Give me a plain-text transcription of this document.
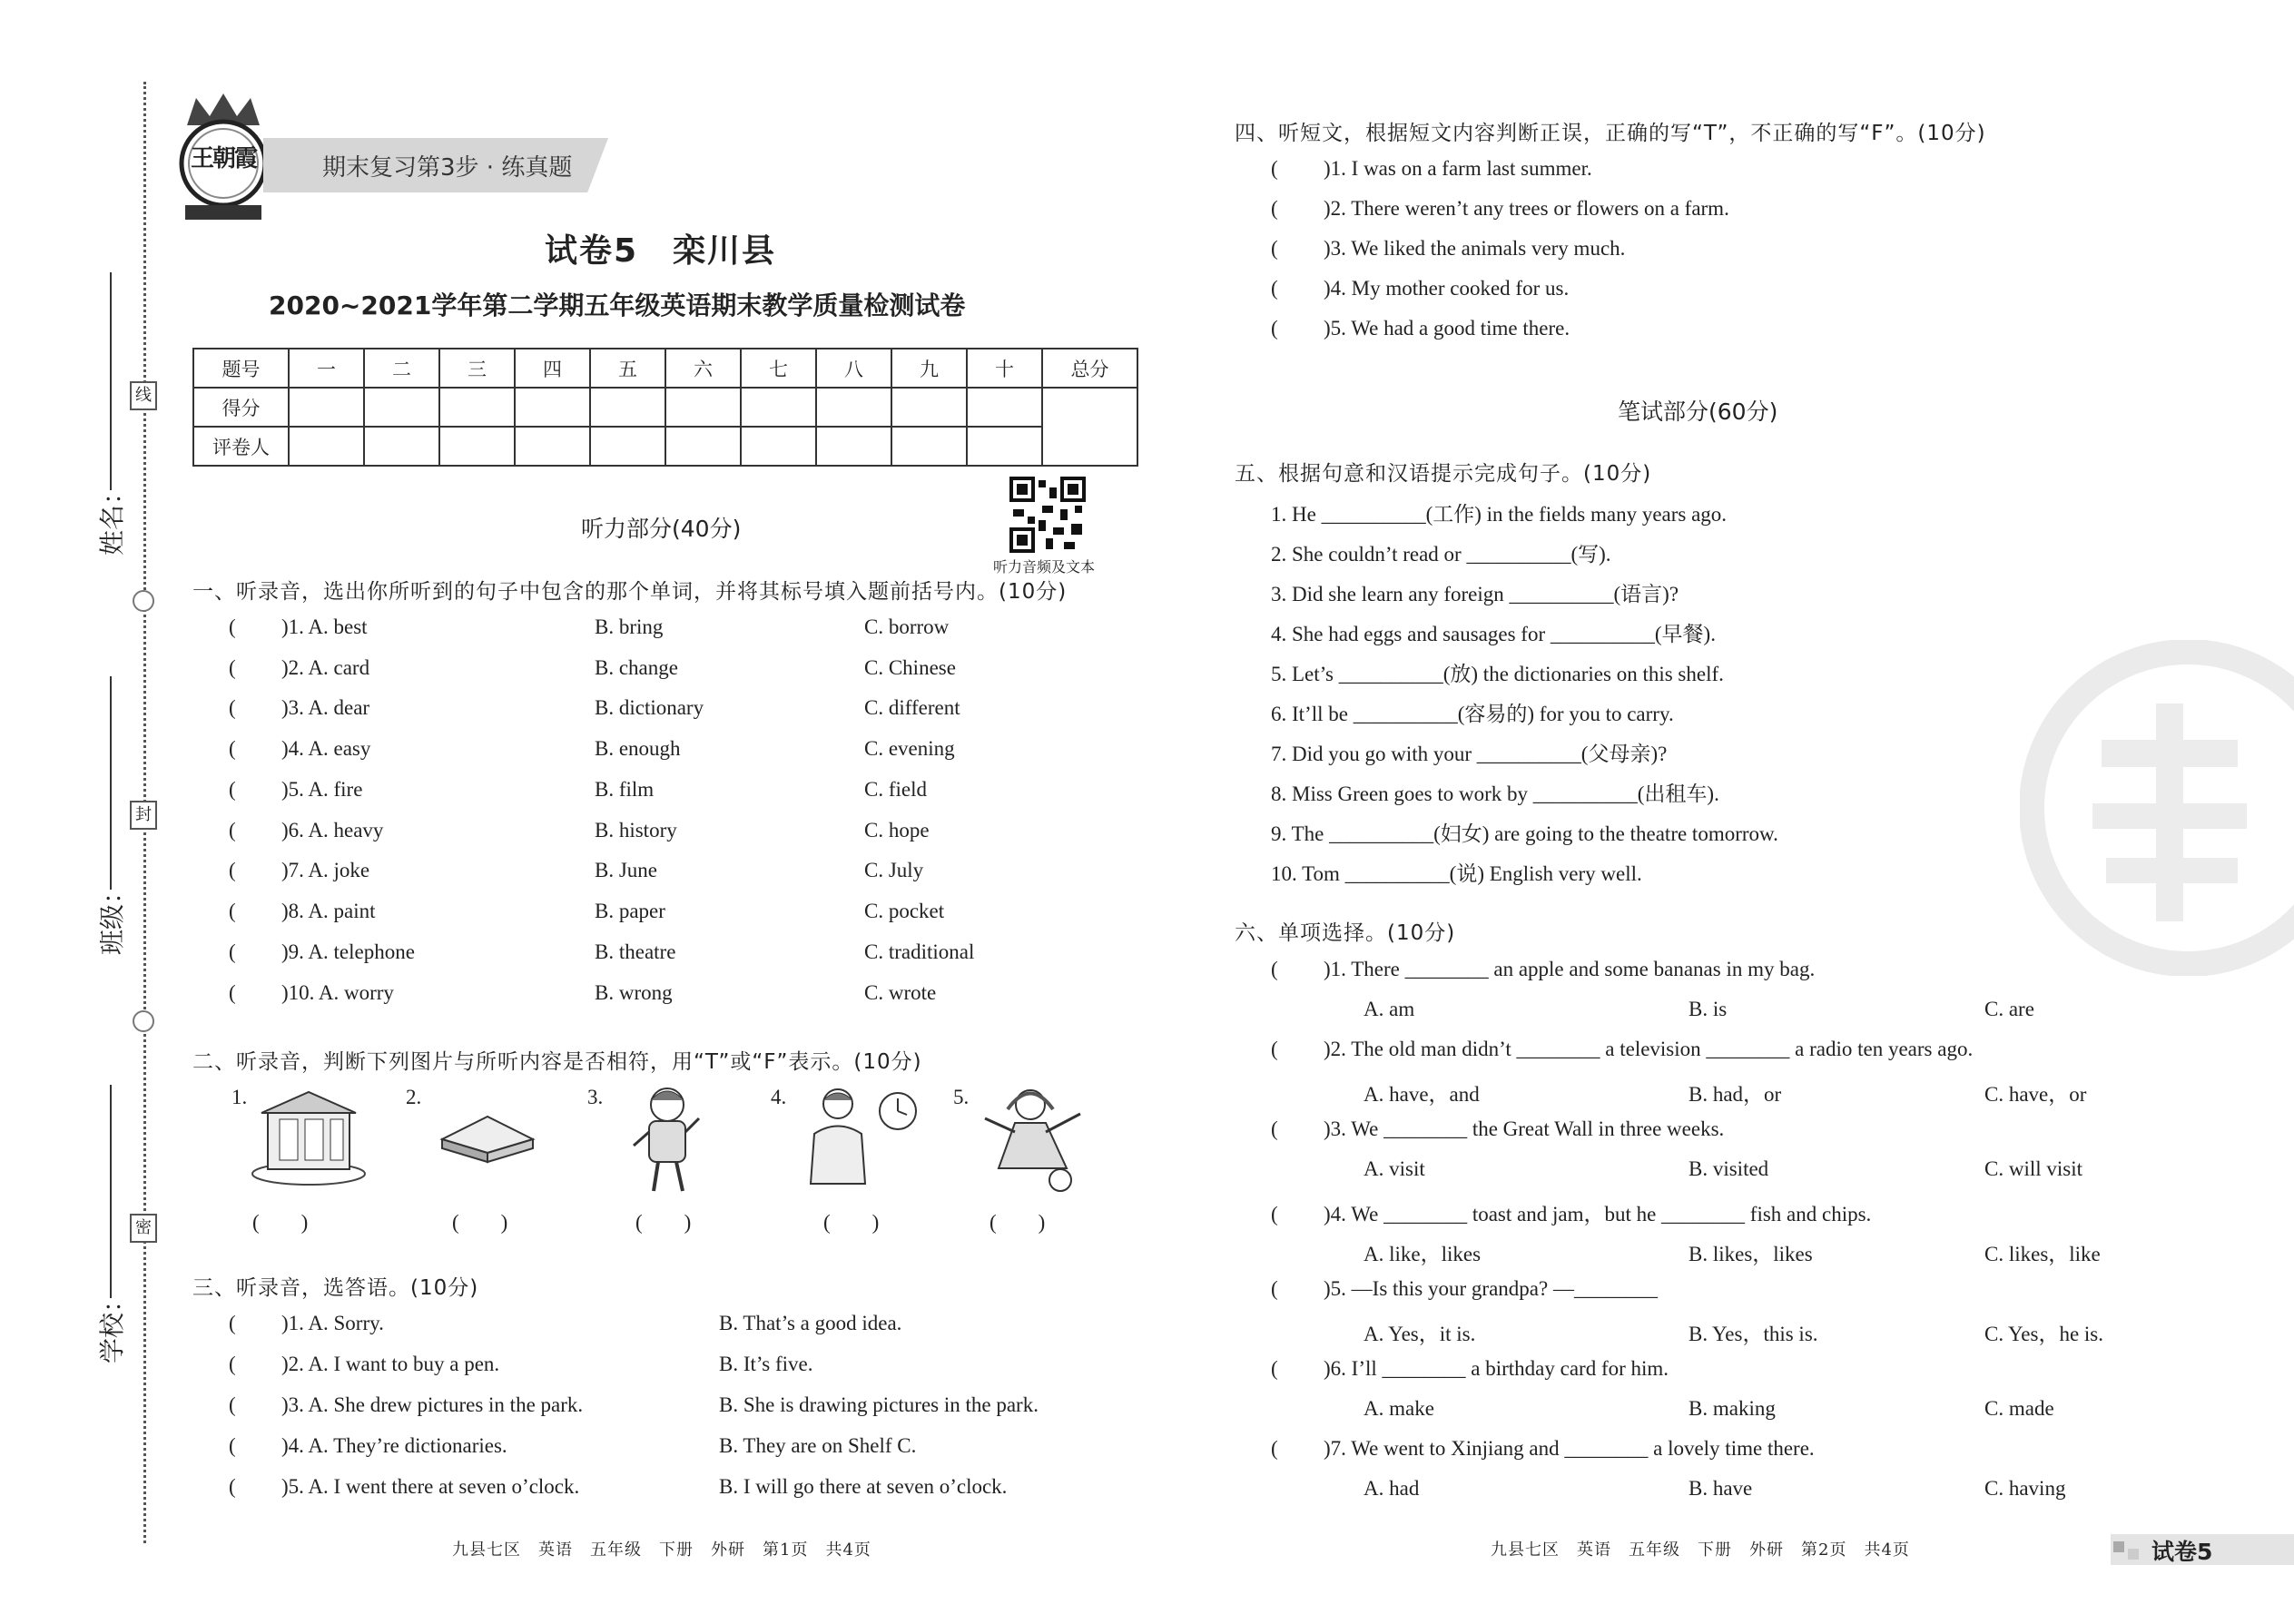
线
封
密
姓名：
班级：
学校：
王朝霞	期末复习第3步 · 练真题
试卷5　栾川县
2020~2021学年第二学期五年级英语期末教学质量检测试卷
题号	一	二	三	四	五	六	七	八	九	十	总分
得分											
评卷人											
听力部分(40分)
听力音频及文本
一、听录音，选出你所听到的句子中包含的那个单词，并将其标号填入题前括号内。(10分)
( )1. A. best	B. bring	C. borrow
( )2. A. card	B. change	C. Chinese
( )3. A. dear	B. dictionary	C. different
( )4. A. easy	B. enough	C. evening
( )5. A. fire	B. film	C. field
( )6. A. heavy	B. history	C. hope
( )7. A. joke	B. June	C. July
( )8. A. paint	B. paper	C. pocket
( )9. A. telephone	B. theatre	C. traditional
( )10. A. worry	B. wrong	C. wrote
二、听录音，判断下列图片与所听内容是否相符，用“T”或“F”表示。(10分)
1.
(　　)
2.
(　　)
3.
(　　)
4.
(　　)
5.
(　　)
三、听录音，选答语。(10分)
( )1. A. Sorry.	B. That’s a good idea.
( )2. A. I want to buy a pen.	B. It’s five.
( )3. A. She drew pictures in the park.	B. She is drawing pictures in the park.
( )4. A. They’re dictionaries.	B. They are on Shelf C.
( )5. A. I went there at seven o’clock.	B. I will go there at seven o’clock.
九县七区　英语　五年级　下册　外研　第1页　共4页
四、听短文，根据短文内容判断正误，正确的写“T”，不正确的写“F”。(10分)
( )1. I was on a farm last summer.
( )2. There weren’t any trees or flowers on a farm.
( )3. We liked the animals very much.
( )4. My mother cooked for us.
( )5. We had a good time there.
笔试部分(60分)
五、根据句意和汉语提示完成句子。(10分)
1. He __________(工作) in the fields many years ago.
2. She couldn’t read or __________(写).
3. Did she learn any foreign __________(语言)?
4. She had eggs and sausages for __________(早餐).
5. Let’s __________(放) the dictionaries on this shelf.
6. It’ll be __________(容易的) for you to carry.
7. Did you go with your __________(父母亲)?
8. Miss Green goes to work by __________(出租车).
9. The __________(妇女) are going to the theatre tomorrow.
10. Tom __________(说) English very well.
六、单项选择。(10分)
( )1. There ________ an apple and some bananas in my bag.
A. am	B. is	C. are
( )2. The old man didn’t ________ a television ________ a radio ten years ago.
A. have，and	B. had，or	C. have，or
( )3. We ________ the Great Wall in three weeks.
A. visit	B. visited	C. will visit
( )4. We ________ toast and jam，but he ________ fish and chips.
A. like，likes	B. likes，likes	C. likes，like
( )5. —Is this your grandpa? —________
A. Yes，it is.	B. Yes，this is.	C. Yes，he is.
( )6. I’ll ________ a birthday card for him.
A. make	B. making	C. made
( )7. We went to Xinjiang and ________ a lovely time there.
A. had	B. have	C. having
九县七区　英语　五年级　下册　外研　第2页　共4页	试卷5
